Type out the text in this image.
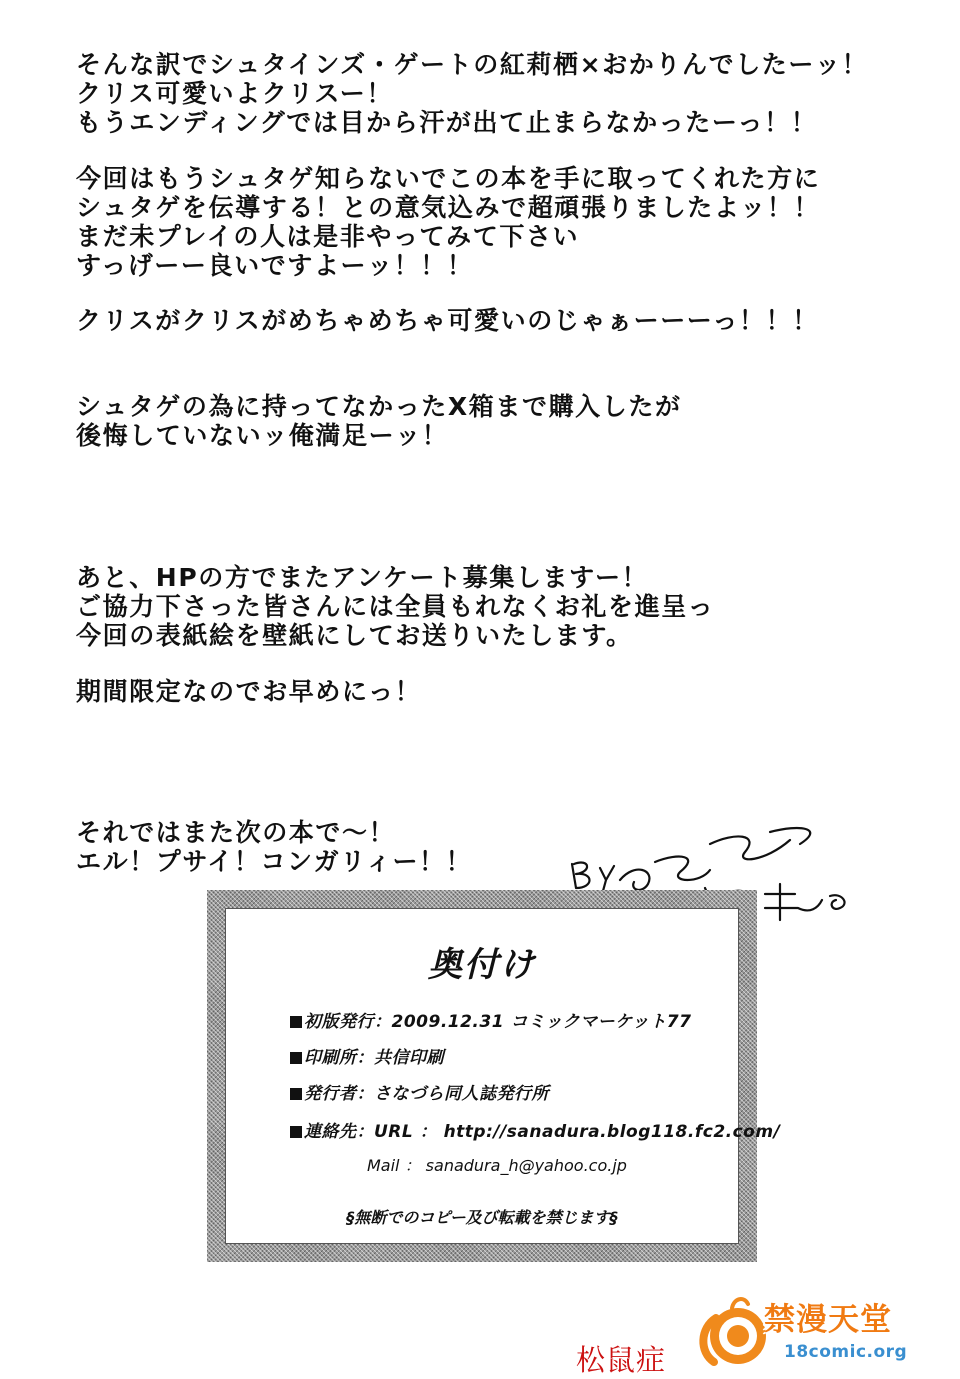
そんな訳でシュタインズ・ゲートの紅莉栖×おかりんでしたーッ！
クリス可愛いよクリスー！
もうエンディングでは目から汗が出て止まらなかったーっ！！
今回はもうシュタゲ知らないでこの本を手に取ってくれた方に
シュタゲを伝導する！との意気込みで超頑張りましたよッ！！
まだ未プレイの人は是非やってみて下さい
すっげーー良いですよーッ！！！
クリスがクリスがめちゃめちゃ可愛いのじゃぁーーーっ！！！
シュタゲの為に持ってなかったX箱まで購入したが
後悔していないッ俺満足ーッ！
あと、HPの方でまたアンケート募集しますー！
ご協力下さった皆さんには全員もれなくお礼を進呈っ
今回の表紙絵を壁紙にしてお送りいたします。
期間限定なのでお早めにっ！
それではまた次の本で～！
エル！プサイ！コンガリィー！！
奥付け
初版発行：2009.12.31 コミックマーケット77
印刷所：共信印刷
発行者：さなづら同人誌発行所
連絡先：URL ： http://sanadura.blog118.fc2.com/
Mail ： sanadura_h@yahoo.co.jp
§無断でのコピー及び転載を禁じます§
松鼠症
禁漫天堂
18comic.org
